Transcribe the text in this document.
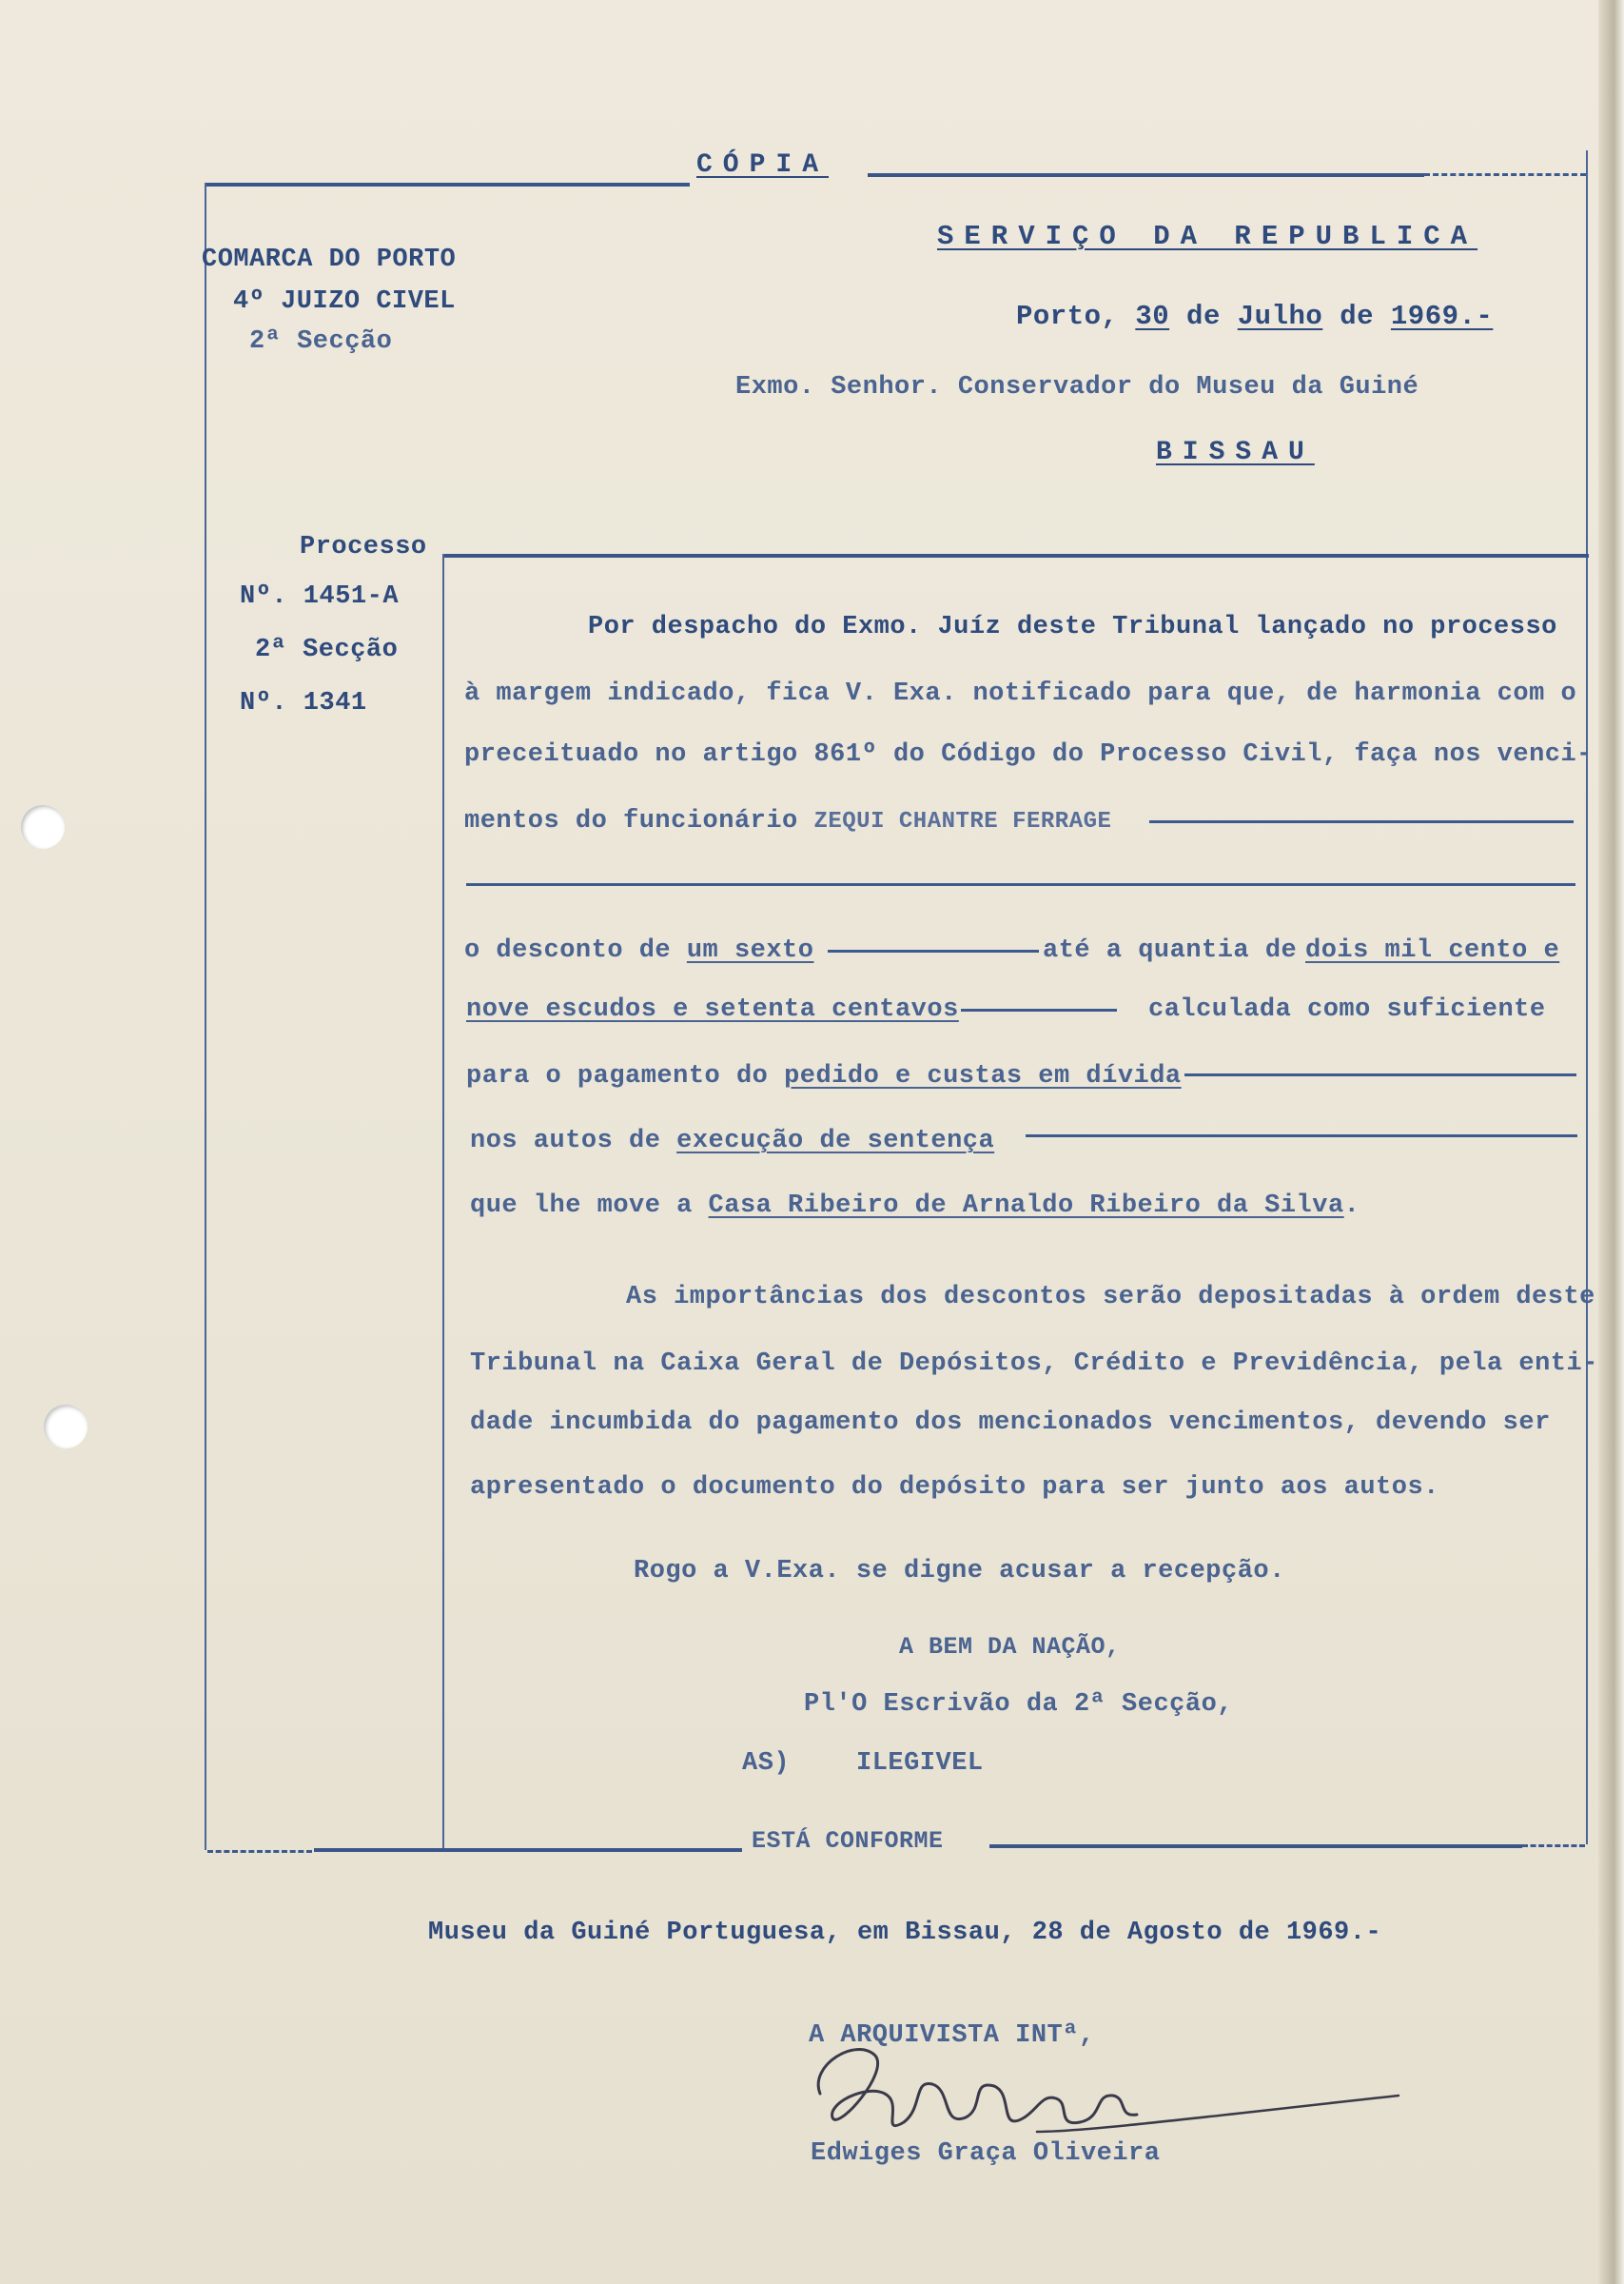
CÓPIA
SERVIÇO DA REPUBLICA
COMARCA DO PORTO
4º JUIZO CIVEL
2ª Secção
Porto, 30 de Julho de 1969.-
Exmo. Senhor. Conservador do Museu da Guiné
BISSAU
Processo
Nº. 1451-A
2ª Secção
Nº. 1341
Por despacho do Exmo. Juíz deste Tribunal lançado no processo
à margem indicado, fica V. Exa. notificado para que, de harmonia com o
preceituado no artigo 861º do Código do Processo Civil, faça nos venci-
mentos do funcionário ZEQUI CHANTRE FERRAGE
o desconto de um sexto	até a quantia de dois mil cento e
nove escudos e setenta centavos	calculada como suficiente
para o pagamento do pedido e custas em dívida
nos autos de execução de sentença
que lhe move a Casa Ribeiro de Arnaldo Ribeiro da Silva.
As importâncias dos descontos serão depositadas à ordem deste
Tribunal na Caixa Geral de Depósitos, Crédito e Previdência, pela enti-
dade incumbida do pagamento dos mencionados vencimentos, devendo ser
apresentado o documento do depósito para ser junto aos autos.
Rogo a V.Exa. se digne acusar a recepção.
A BEM DA NAÇÃO,
Pl'O Escrivão da 2ª Secção,
AS)	ILEGIVEL
ESTÁ CONFORME
Museu da Guiné Portuguesa, em Bissau, 28 de Agosto de 1969.-
A ARQUIVISTA INTª,
Edwiges Graça Oliveira
